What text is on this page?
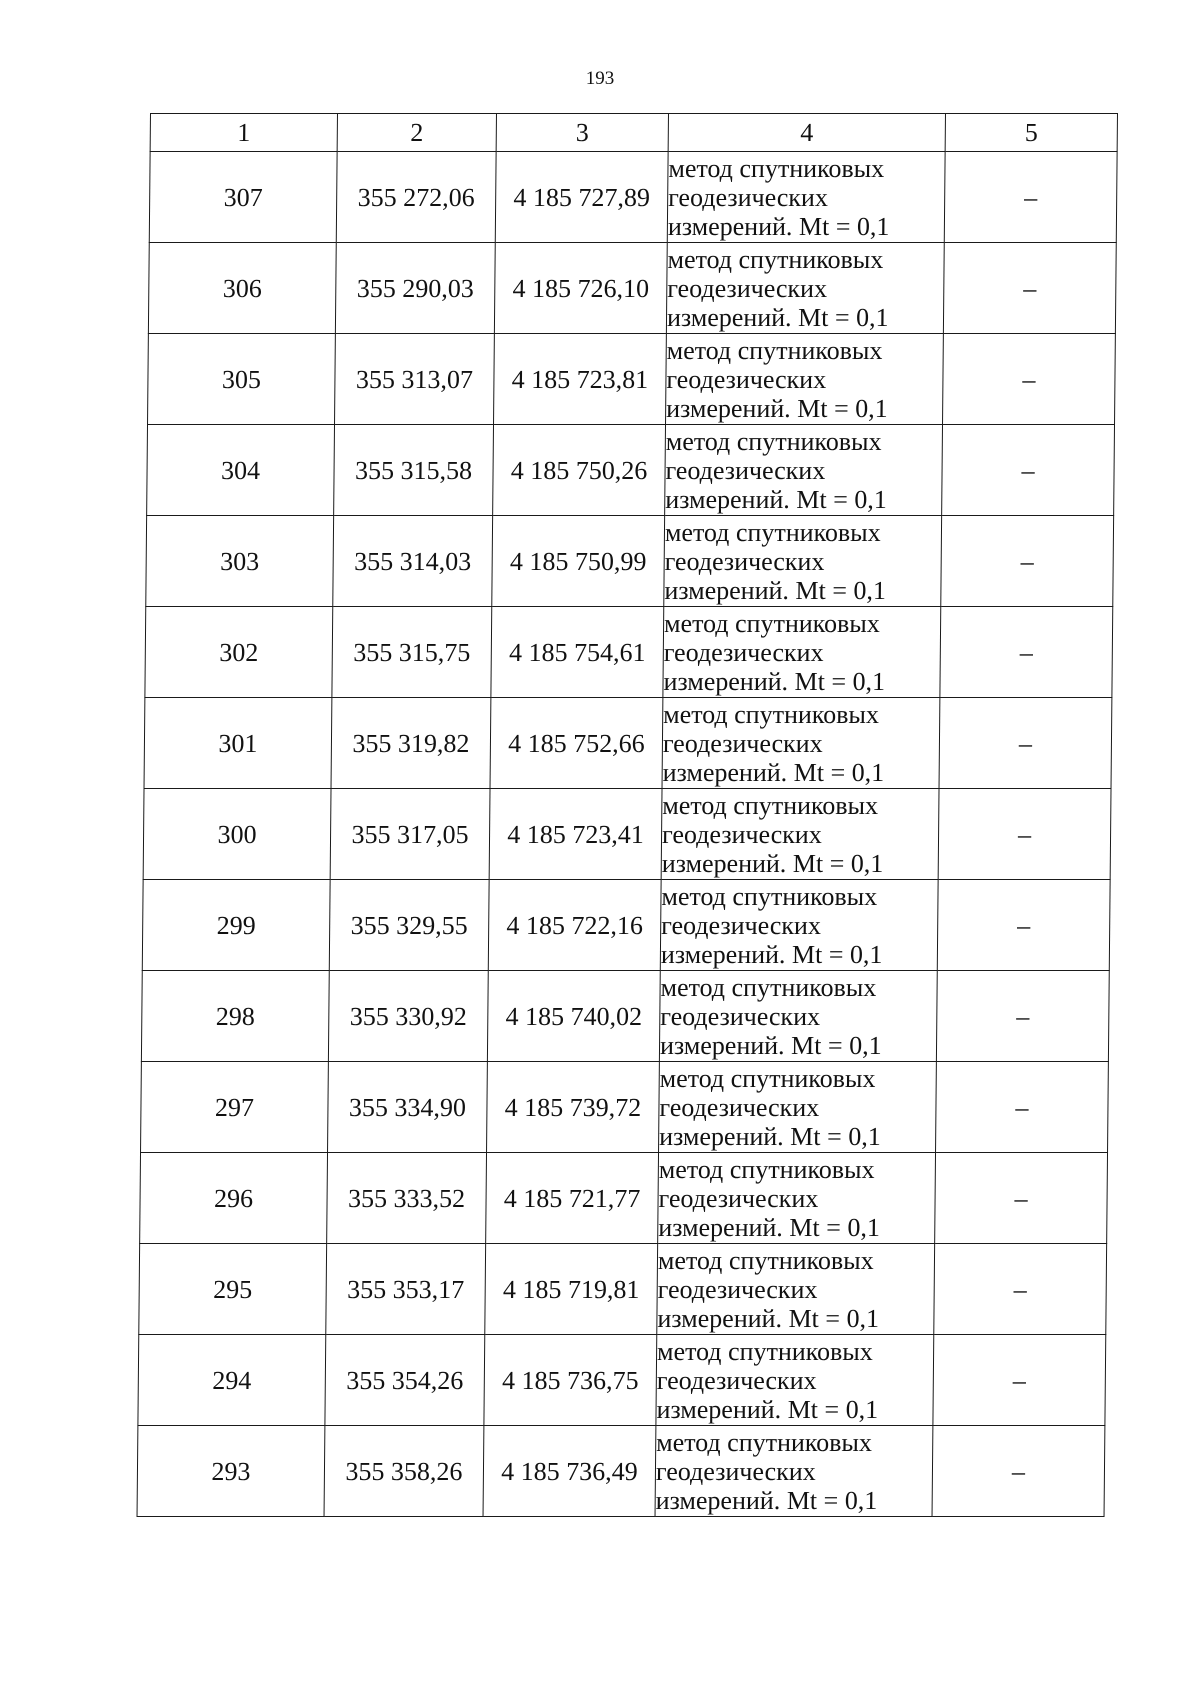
193
1	2	3	4	5
307	355 272,06	4 185 727,89	метод спутниковых
геодезических
измерений. Mt = 0,1	–
306	355 290,03	4 185 726,10	метод спутниковых
геодезических
измерений. Mt = 0,1	–
305	355 313,07	4 185 723,81	метод спутниковых
геодезических
измерений. Mt = 0,1	–
304	355 315,58	4 185 750,26	метод спутниковых
геодезических
измерений. Mt = 0,1	–
303	355 314,03	4 185 750,99	метод спутниковых
геодезических
измерений. Mt = 0,1	–
302	355 315,75	4 185 754,61	метод спутниковых
геодезических
измерений. Mt = 0,1	–
301	355 319,82	4 185 752,66	метод спутниковых
геодезических
измерений. Mt = 0,1	–
300	355 317,05	4 185 723,41	метод спутниковых
геодезических
измерений. Mt = 0,1	–
299	355 329,55	4 185 722,16	метод спутниковых
геодезических
измерений. Mt = 0,1	–
298	355 330,92	4 185 740,02	метод спутниковых
геодезических
измерений. Mt = 0,1	–
297	355 334,90	4 185 739,72	метод спутниковых
геодезических
измерений. Mt = 0,1	–
296	355 333,52	4 185 721,77	метод спутниковых
геодезических
измерений. Mt = 0,1	–
295	355 353,17	4 185 719,81	метод спутниковых
геодезических
измерений. Mt = 0,1	–
294	355 354,26	4 185 736,75	метод спутниковых
геодезических
измерений. Mt = 0,1	–
293	355 358,26	4 185 736,49	метод спутниковых
геодезических
измерений. Mt = 0,1	–
